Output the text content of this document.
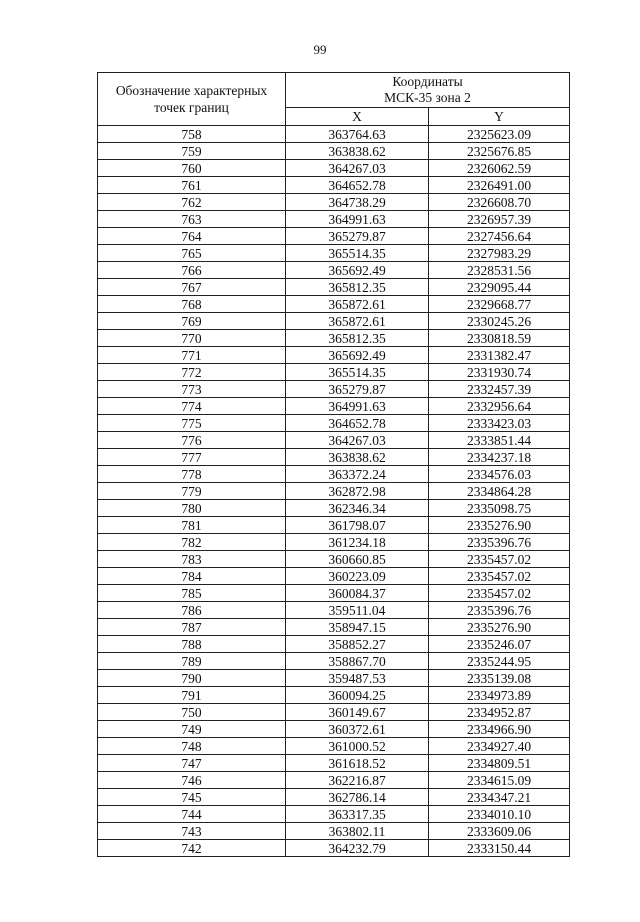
99
Обозначение характерных
точек границ	Координаты
МСК-35 зона 2	
	X	Y
758	363764.63	2325623.09
759	363838.62	2325676.85
760	364267.03	2326062.59
761	364652.78	2326491.00
762	364738.29	2326608.70
763	364991.63	2326957.39
764	365279.87	2327456.64
765	365514.35	2327983.29
766	365692.49	2328531.56
767	365812.35	2329095.44
768	365872.61	2329668.77
769	365872.61	2330245.26
770	365812.35	2330818.59
771	365692.49	2331382.47
772	365514.35	2331930.74
773	365279.87	2332457.39
774	364991.63	2332956.64
775	364652.78	2333423.03
776	364267.03	2333851.44
777	363838.62	2334237.18
778	363372.24	2334576.03
779	362872.98	2334864.28
780	362346.34	2335098.75
781	361798.07	2335276.90
782	361234.18	2335396.76
783	360660.85	2335457.02
784	360223.09	2335457.02
785	360084.37	2335457.02
786	359511.04	2335396.76
787	358947.15	2335276.90
788	358852.27	2335246.07
789	358867.70	2335244.95
790	359487.53	2335139.08
791	360094.25	2334973.89
750	360149.67	2334952.87
749	360372.61	2334966.90
748	361000.52	2334927.40
747	361618.52	2334809.51
746	362216.87	2334615.09
745	362786.14	2334347.21
744	363317.35	2334010.10
743	363802.11	2333609.06
742	364232.79	2333150.44
